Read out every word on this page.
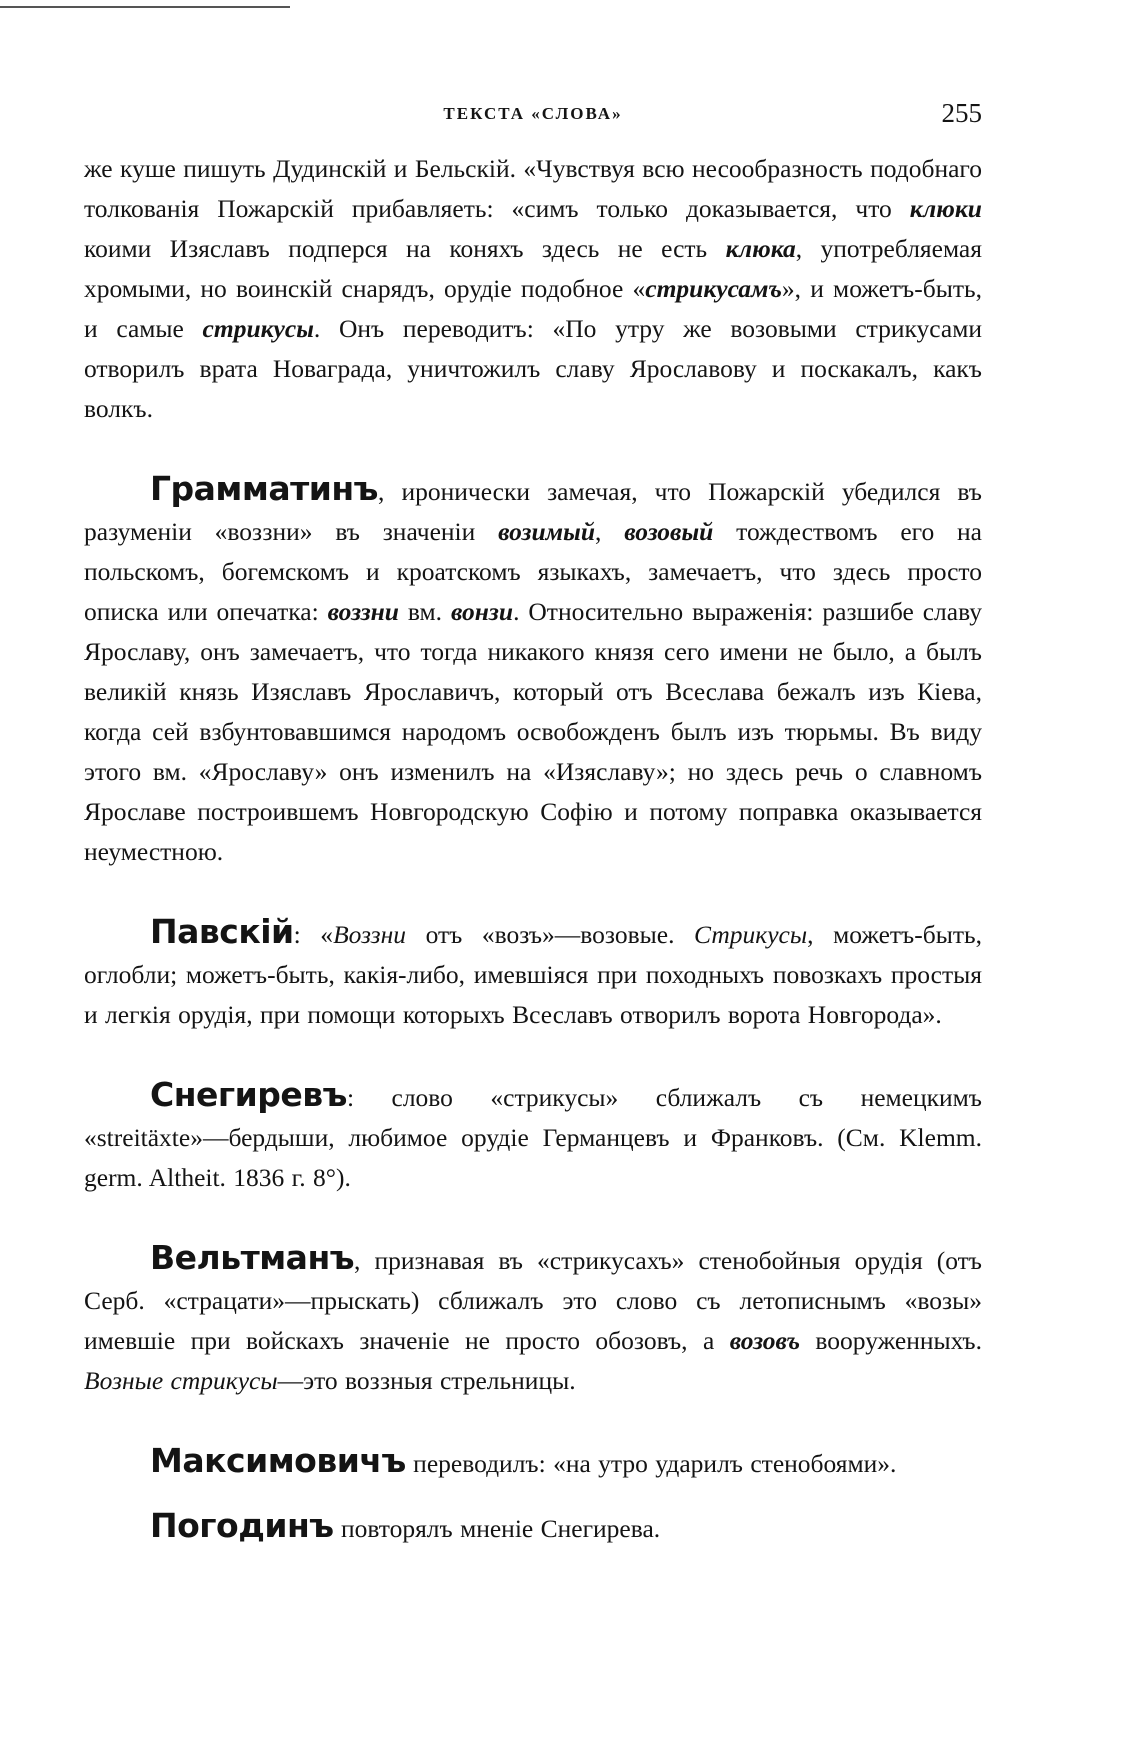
ТЕКСТА «СЛОВА»	255

же куше пишуть Дудинскій и Бельскій. «Чувствуя всю несообразность подобнаго толкованія Пожарскій прибавляеть: «симъ только доказывается, что клюки коими Изяславъ подперся на коняхъ здесь не есть клюка, употребляемая хромыми, но воинскій снарядъ, орудіе подобное «стрикусамъ», и можетъ-быть, и самые стрикусы. Онъ переводитъ: «По утру же возовыми стрикусами отворилъ врата Новаграда, уничтожилъ славу Ярославову и поскакалъ, какъ волкъ.

Грамматинъ, иронически замечая, что Пожарскій убедился въ разуменіи «воззни» въ значеніи возимый, возовый тождествомъ его на польскомъ, богемскомъ и кроатскомъ языкахъ, замечаетъ, что здесь просто описка или опечатка: воззни вм. вонзи. Относительно выраженія: разшибе славу Ярославу, онъ замечаетъ, что тогда никакого князя сего имени не было, а былъ великій князь Изяславъ Ярославичъ, который отъ Всеслава бежалъ изъ Кіева, когда сей взбунтовавшимся народомъ освобожденъ былъ изъ тюрьмы. Въ виду этого вм. «Ярославу» онъ изменилъ на «Изяславу»; но здесь речь о славномъ Ярославе построившемъ Новгородскую Софію и потому поправка оказывается неуместною.

Павскій: «Воззни отъ «возъ»—возовые. Стрикусы, можетъ-быть, оглобли; можетъ-быть, какія-либо, имевшіяся при походныхъ повозкахъ простыя и легкія орудія, при помощи которыхъ Всеславъ отворилъ ворота Новгорода».

Снегиревъ: слово «стрикусы» сближалъ съ немецкимъ «streitäxte»—бердыши, любимое орудіе Германцевъ и Франковъ. (См. Klemm. germ. Altheit. 1836 г. 8°).

Вельтманъ, признавая въ «стрикусахъ» стенобойныя орудія (отъ Серб. «страцати»—прыскать) сближалъ это слово съ летописнымъ «возы» имевшіе при войскахъ значеніе не просто обозовъ, а возовъ вооруженныхъ. Возные стрикусы—это воззныя стрельницы.

Максимовичъ переводилъ: «на утро ударилъ стенобоями».

Погодинъ повторялъ мненіе Снегирева.
